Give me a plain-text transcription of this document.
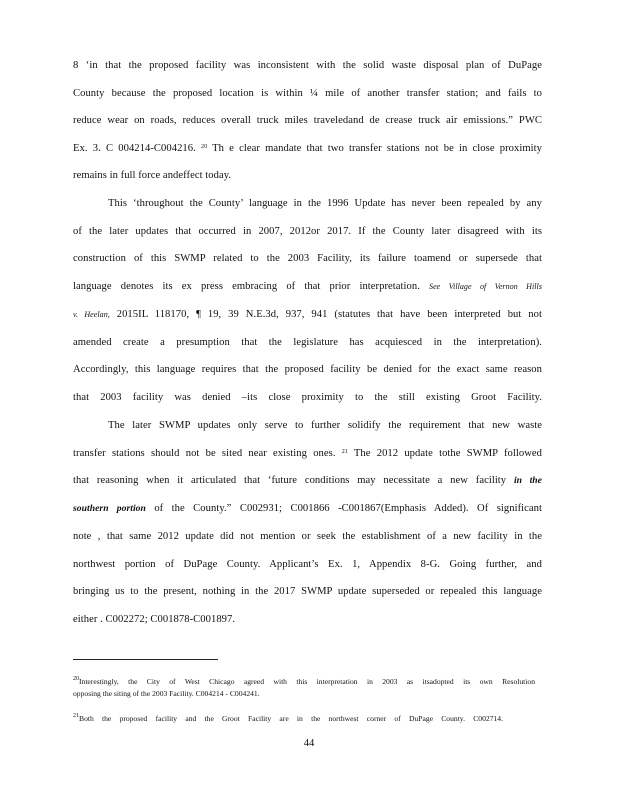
8 ‘in that the proposed facility was inconsistent with the solid waste disposal plan of DuPage
County because the proposed location is within ¼ mile of another transfer station; and fails to
reduce wear on roads, reduces overall truck miles traveledand de crease truck air emissions.” PWC
Ex. 3. C 004214-C004216. $^{20}$ Th e clear mandate that two transfer stations not be in close proximity
remains in full force andeffect today.
This ‘throughout the County’ language in the 1996 Update has never been repealed by any
of the later updates that occurred in 2007, 2012or 2017. If the County later disagreed with its
construction of this SWMP related to the 2003 Facility, its failure toamend or supersede that
language denotes its ex press embracing of that prior interpretation. See Village of Vernon Hills
v. Heelan, 2015IL 118170, ¶ 19, 39 N.E.3d, 937, 941 (statutes that have been interpreted but not
amended create a presumption that the legislature has acquiesced in the interpretation).
Accordingly, this language requires that the proposed facility be denied for the exact same reason
that 2003 facility was denied –its close proximity to the still existing Groot Facility.
The later SWMP updates only serve to further solidify the requirement that new waste
transfer stations should not be sited near existing ones. $^{21}$ The 2012 update tothe SWMP followed
that reasoning when it articulated that ‘future conditions may necessitate a new facility in the
southern portion of the County.” C002931; C001866 -C001867(Emphasis Added). Of significant
note , that same 2012 update did not mention or seek the establishment of a new facility in the
northwest portion of DuPage County. Applicant’s Ex. 1, Appendix 8-G. Going further, and
bringing us to the present, nothing in the 2017 SWMP update superseded or repealed this language
either . C002272; C001878-C001897.
$^{20}$Interestingly, the City of West Chicago agreed with this interpretation in 2003 as itsadopted its own Resolution
opposing the siting of the 2003 Facility. C004214 - C004241.
$^{21}$Both the proposed facility and the Groot Facility are in the northwest corner of DuPage County. C002714.
44
